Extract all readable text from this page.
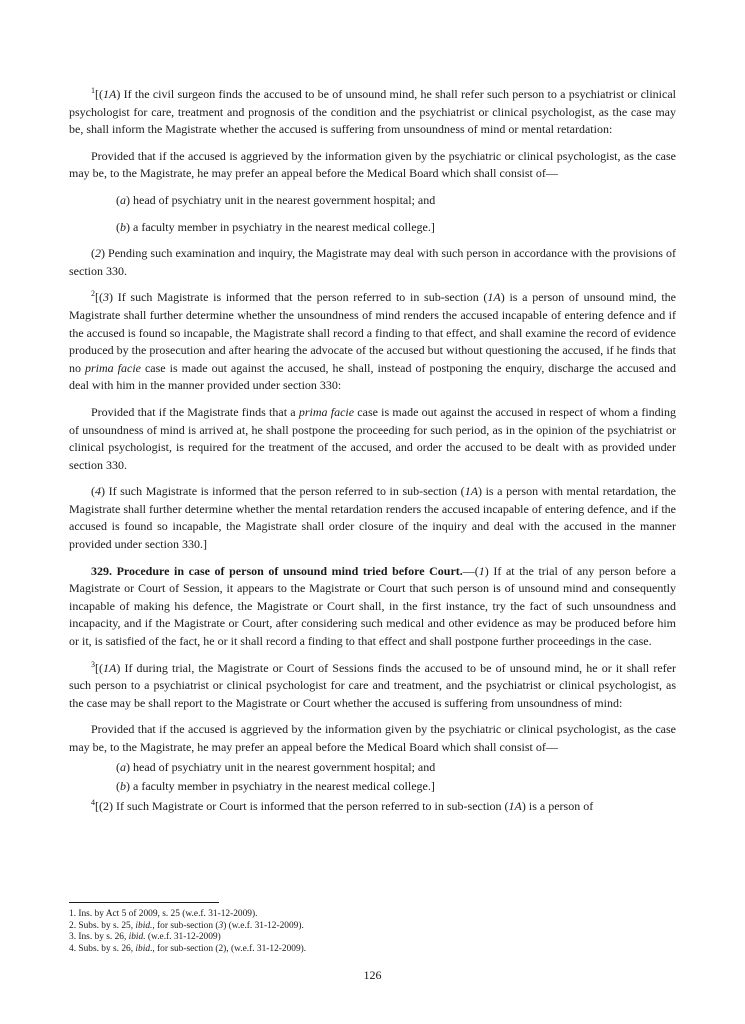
$^1$[(1A) If the civil surgeon finds the accused to be of unsound mind, he shall refer such person to a psychiatrist or clinical psychologist for care, treatment and prognosis of the condition and the psychiatrist or clinical psychologist, as the case may be, shall inform the Magistrate whether the accused is suffering from unsoundness of mind or mental retardation:

Provided that if the accused is aggrieved by the information given by the psychiatric or clinical psychologist, as the case may be, to the Magistrate, he may prefer an appeal before the Medical Board which shall consist of—

(a) head of psychiatry unit in the nearest government hospital; and

(b) a faculty member in psychiatry in the nearest medical college.]

(2) Pending such examination and inquiry, the Magistrate may deal with such person in accordance with the provisions of section 330.

$^2$[(3) If such Magistrate is informed that the person referred to in sub-section (1A) is a person of unsound mind, the Magistrate shall further determine whether the unsoundness of mind renders the accused incapable of entering defence and if the accused is found so incapable, the Magistrate shall record a finding to that effect, and shall examine the record of evidence produced by the prosecution and after hearing the advocate of the accused but without questioning the accused, if he finds that no prima facie case is made out against the accused, he shall, instead of postponing the enquiry, discharge the accused and deal with him in the manner provided under section 330:

Provided that if the Magistrate finds that a prima facie case is made out against the accused in respect of whom a finding of unsoundness of mind is arrived at, he shall postpone the proceeding for such period, as in the opinion of the psychiatrist or clinical psychologist, is required for the treatment of the accused, and order the accused to be dealt with as provided under section 330.

(4) If such Magistrate is informed that the person referred to in sub-section (1A) is a person with mental retardation, the Magistrate shall further determine whether the mental retardation renders the accused incapable of entering defence, and if the accused is found so incapable, the Magistrate shall order closure of the inquiry and deal with the accused in the manner provided under section 330.]

329. Procedure in case of person of unsound mind tried before Court.—(1) If at the trial of any person before a Magistrate or Court of Session, it appears to the Magistrate or Court that such person is of unsound mind and consequently incapable of making his defence, the Magistrate or Court shall, in the first instance, try the fact of such unsoundness and incapacity, and if the Magistrate or Court, after considering such medical and other evidence as may be produced before him or it, is satisfied of the fact, he or it shall record a finding to that effect and shall postpone further proceedings in the case.

$^3$[(1A) If during trial, the Magistrate or Court of Sessions finds the accused to be of unsound mind, he or it shall refer such person to a psychiatrist or clinical psychologist for care and treatment, and the psychiatrist or clinical psychologist, as the case may be shall report to the Magistrate or Court whether the accused is suffering from unsoundness of mind:

Provided that if the accused is aggrieved by the information given by the psychiatric or clinical psychologist, as the case may be, to the Magistrate, he may prefer an appeal before the Medical Board which shall consist of—

(a) head of psychiatry unit in the nearest government hospital; and

(b) a faculty member in psychiatry in the nearest medical college.]

$^4$[(2) If such Magistrate or Court is informed that the person referred to in sub-section (1A) is a person of

1. Ins. by Act 5 of 2009, s. 25 (w.e.f. 31-12-2009).
2. Subs. by s. 25, ibid., for sub-section (3) (w.e.f. 31-12-2009).
3. Ins. by s. 26, ibid. (w.e.f. 31-12-2009)
4. Subs. by s. 26, ibid., for sub-section (2), (w.e.f. 31-12-2009).
126
